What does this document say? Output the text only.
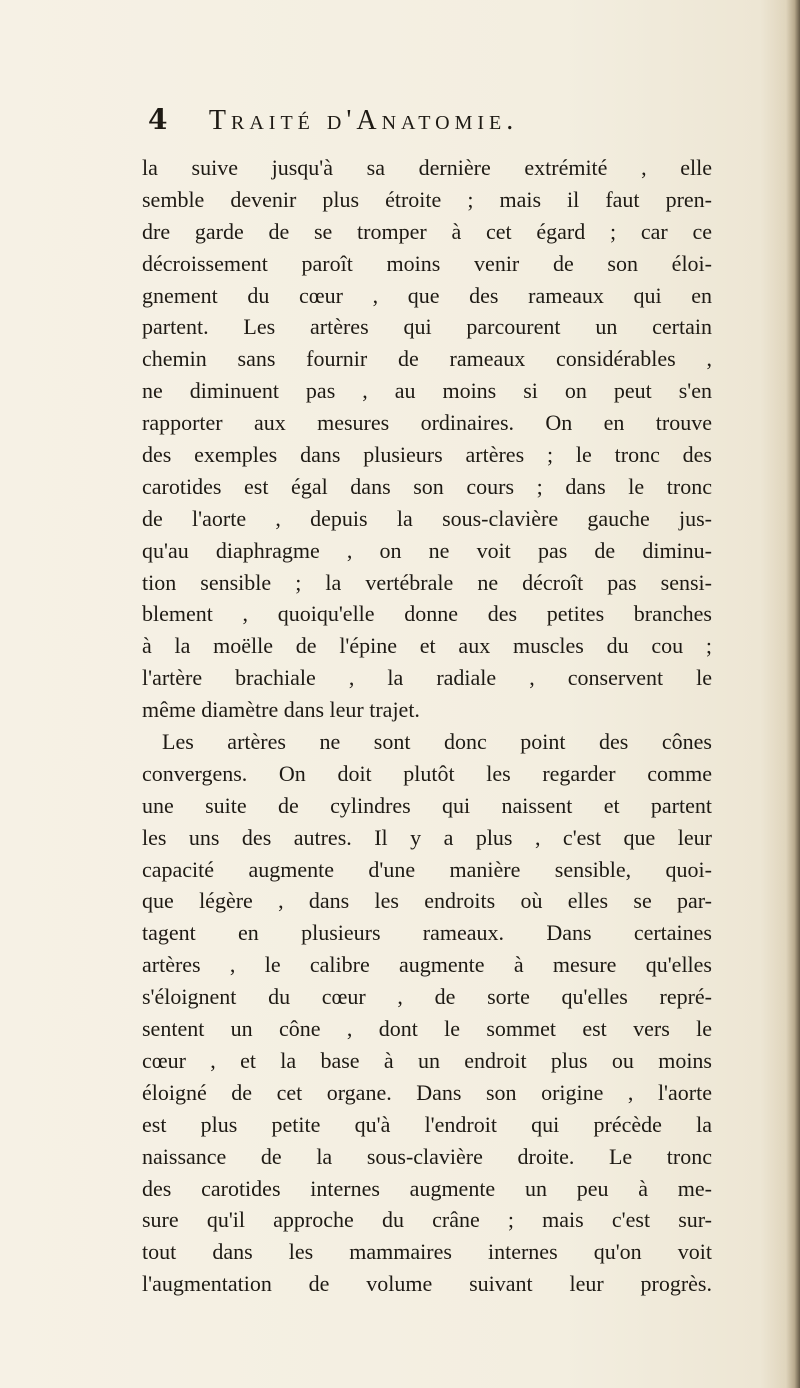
4 Traité d'Anatomie.
la suive jusqu'à sa dernière extrémité , elle
semble devenir plus étroite ; mais il faut pren-
dre garde de se tromper à cet égard ; car ce
décroissement paroît moins venir de son éloi-
gnement du cœur , que des rameaux qui en
partent. Les artères qui parcourent un certain
chemin sans fournir de rameaux considérables ,
ne diminuent pas , au moins si on peut s'en
rapporter aux mesures ordinaires. On en trouve
des exemples dans plusieurs artères ; le tronc des
carotides est égal dans son cours ; dans le tronc
de l'aorte , depuis la sous-clavière gauche jus-
qu'au diaphragme , on ne voit pas de diminu-
tion sensible ; la vertébrale ne décroît pas sensi-
blement , quoiqu'elle donne des petites branches
à la moëlle de l'épine et aux muscles du cou ;
l'artère brachiale , la radiale , conservent le
même diamètre dans leur trajet.
Les artères ne sont donc point des cônes
convergens. On doit plutôt les regarder comme
une suite de cylindres qui naissent et partent
les uns des autres. Il y a plus , c'est que leur
capacité augmente d'une manière sensible, quoi-
que légère , dans les endroits où elles se par-
tagent en plusieurs rameaux. Dans certaines
artères , le calibre augmente à mesure qu'elles
s'éloignent du cœur , de sorte qu'elles repré-
sentent un cône , dont le sommet est vers le
cœur , et la base à un endroit plus ou moins
éloigné de cet organe. Dans son origine , l'aorte
est plus petite qu'à l'endroit qui précède la
naissance de la sous-clavière droite. Le tronc
des carotides internes augmente un peu à me-
sure qu'il approche du crâne ; mais c'est sur-
tout dans les mammaires internes qu'on voit
l'augmentation de volume suivant leur progrès.
